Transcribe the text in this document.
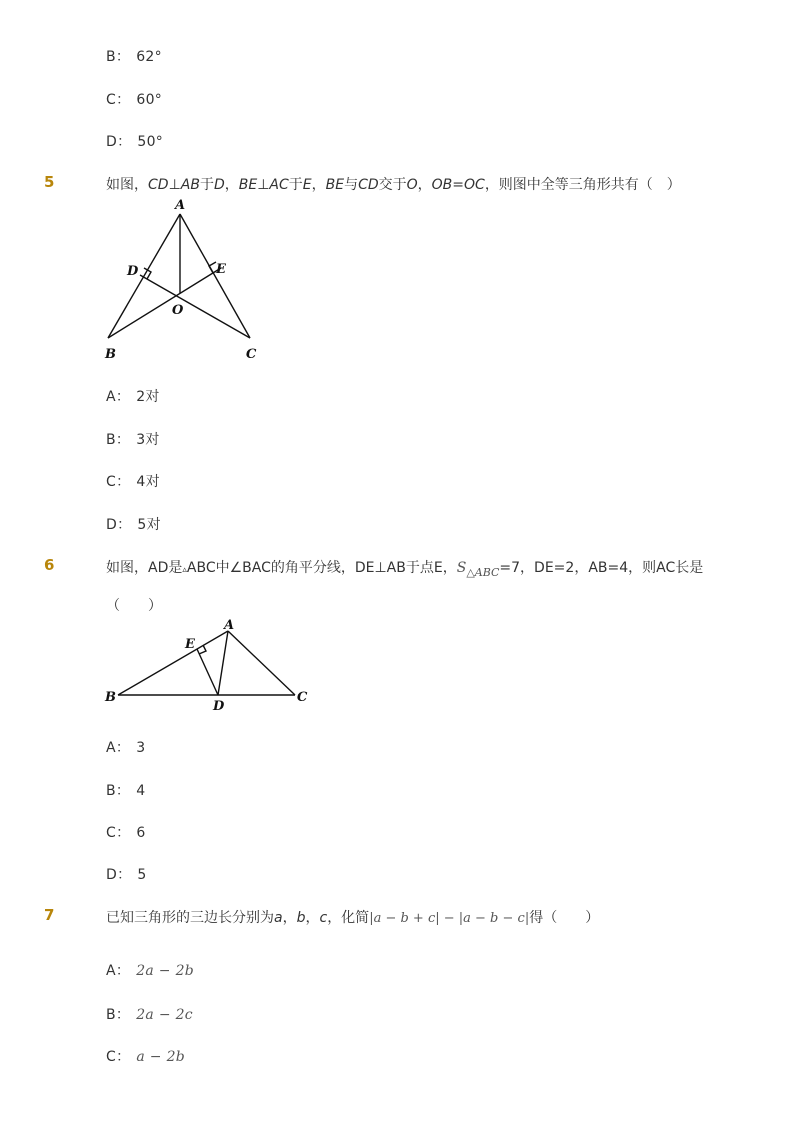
B： 62°
C： 60°
D： 50°
5	如图，CD⊥AB于D，BE⊥AC于E，BE与CD交于O，OB=OC，则图中全等三角形共有（　）
A
D	E
O
B	C
A： 2对
B： 3对
C： 4对
D： 5对
6	如图，AD是▵ABC中∠BAC的角平分线，DE⊥AB于点E，$S_{\triangle ABC}=7$，DE=2，AB=4，则AC长是
（　　）
A
E
B
D
C
A： 3
B： 4
C： 6
D： 5
7	已知三角形的三边长分别为a，b，c，化简|a − b + c| − |a − b − c|得（　　）
A： 2a − 2b
B： 2a − 2c
C： a − 2b
